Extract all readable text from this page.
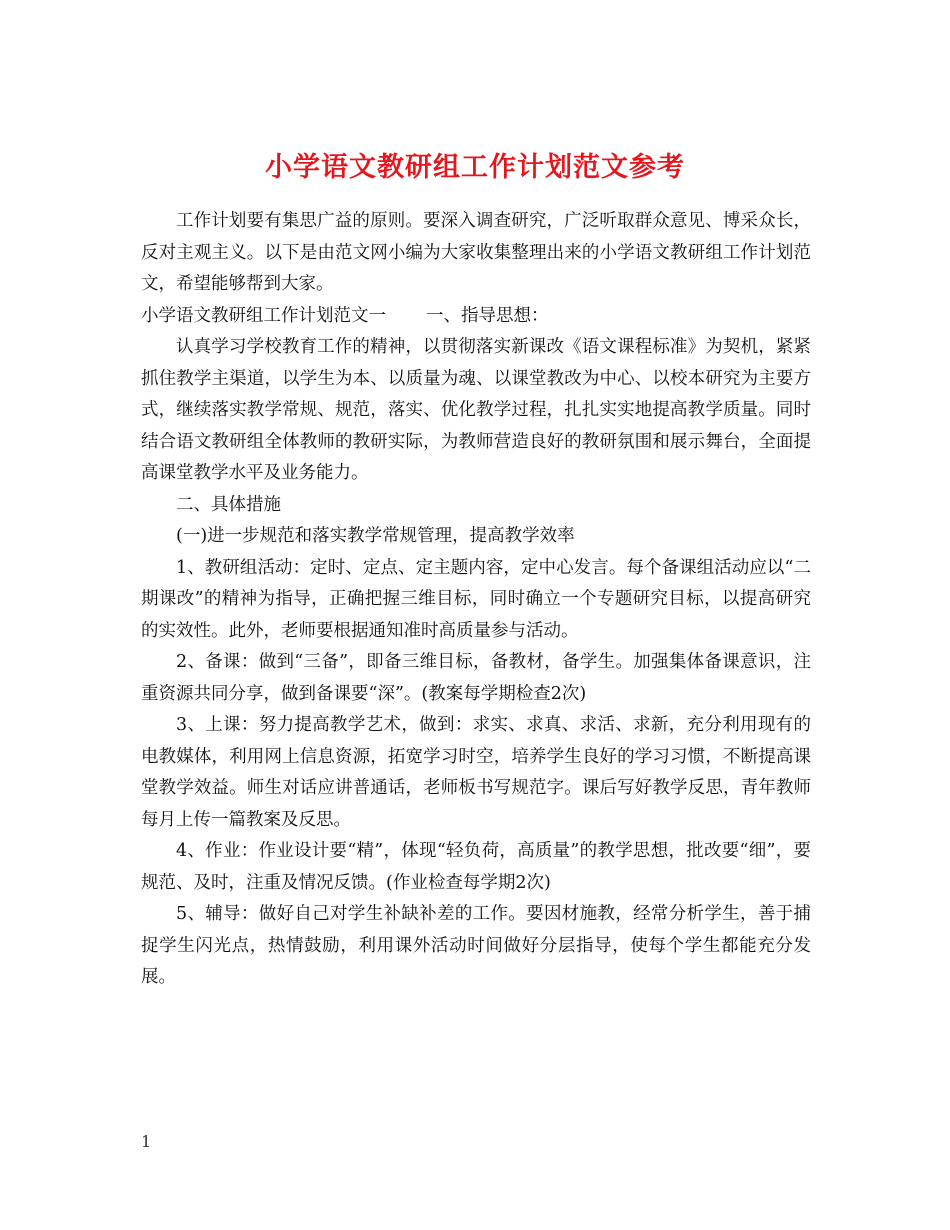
小学语文教研组工作计划范文参考

工作计划要有集思广益的原则。要深入调查研究，广泛听取群众意见、博采众长，反对主观主义。以下是由范文网小编为大家收集整理出来的小学语文教研组工作计划范文，希望能够帮到大家。

小学语文教研组工作计划范文一 一、指导思想：

认真学习学校教育工作的精神，以贯彻落实新课改《语文课程标准》为契机，紧紧抓住教学主渠道，以学生为本、以质量为魂、以课堂教改为中心、以校本研究为主要方式，继续落实教学常规、规范，落实、优化教学过程，扎扎实实地提高教学质量。同时结合语文教研组全体教师的教研实际，为教师营造良好的教研氛围和展示舞台，全面提高课堂教学水平及业务能力。

二、具体措施

(一)进一步规范和落实教学常规管理，提高教学效率

1、教研组活动：定时、定点、定主题内容，定中心发言。每个备课组活动应以“二期课改”的精神为指导，正确把握三维目标，同时确立一个专题研究目标，以提高研究的实效性。此外，老师要根据通知准时高质量参与活动。

2、备课：做到“三备”，即备三维目标，备教材，备学生。加强集体备课意识，注重资源共同分享，做到备课要“深”。(教案每学期检查2次)

3、上课：努力提高教学艺术，做到：求实、求真、求活、求新，充分利用现有的电教媒体，利用网上信息资源，拓宽学习时空，培养学生良好的学习习惯，不断提高课堂教学效益。师生对话应讲普通话，老师板书写规范字。课后写好教学反思，青年教师每月上传一篇教案及反思。

4、作业：作业设计要“精”，体现“轻负荷，高质量”的教学思想，批改要“细”，要规范、及时，注重及情况反馈。(作业检查每学期2次)

5、辅导：做好自己对学生补缺补差的工作。要因材施教，经常分析学生，善于捕捉学生闪光点，热情鼓励，利用课外活动时间做好分层指导，使每个学生都能充分发展。

1
